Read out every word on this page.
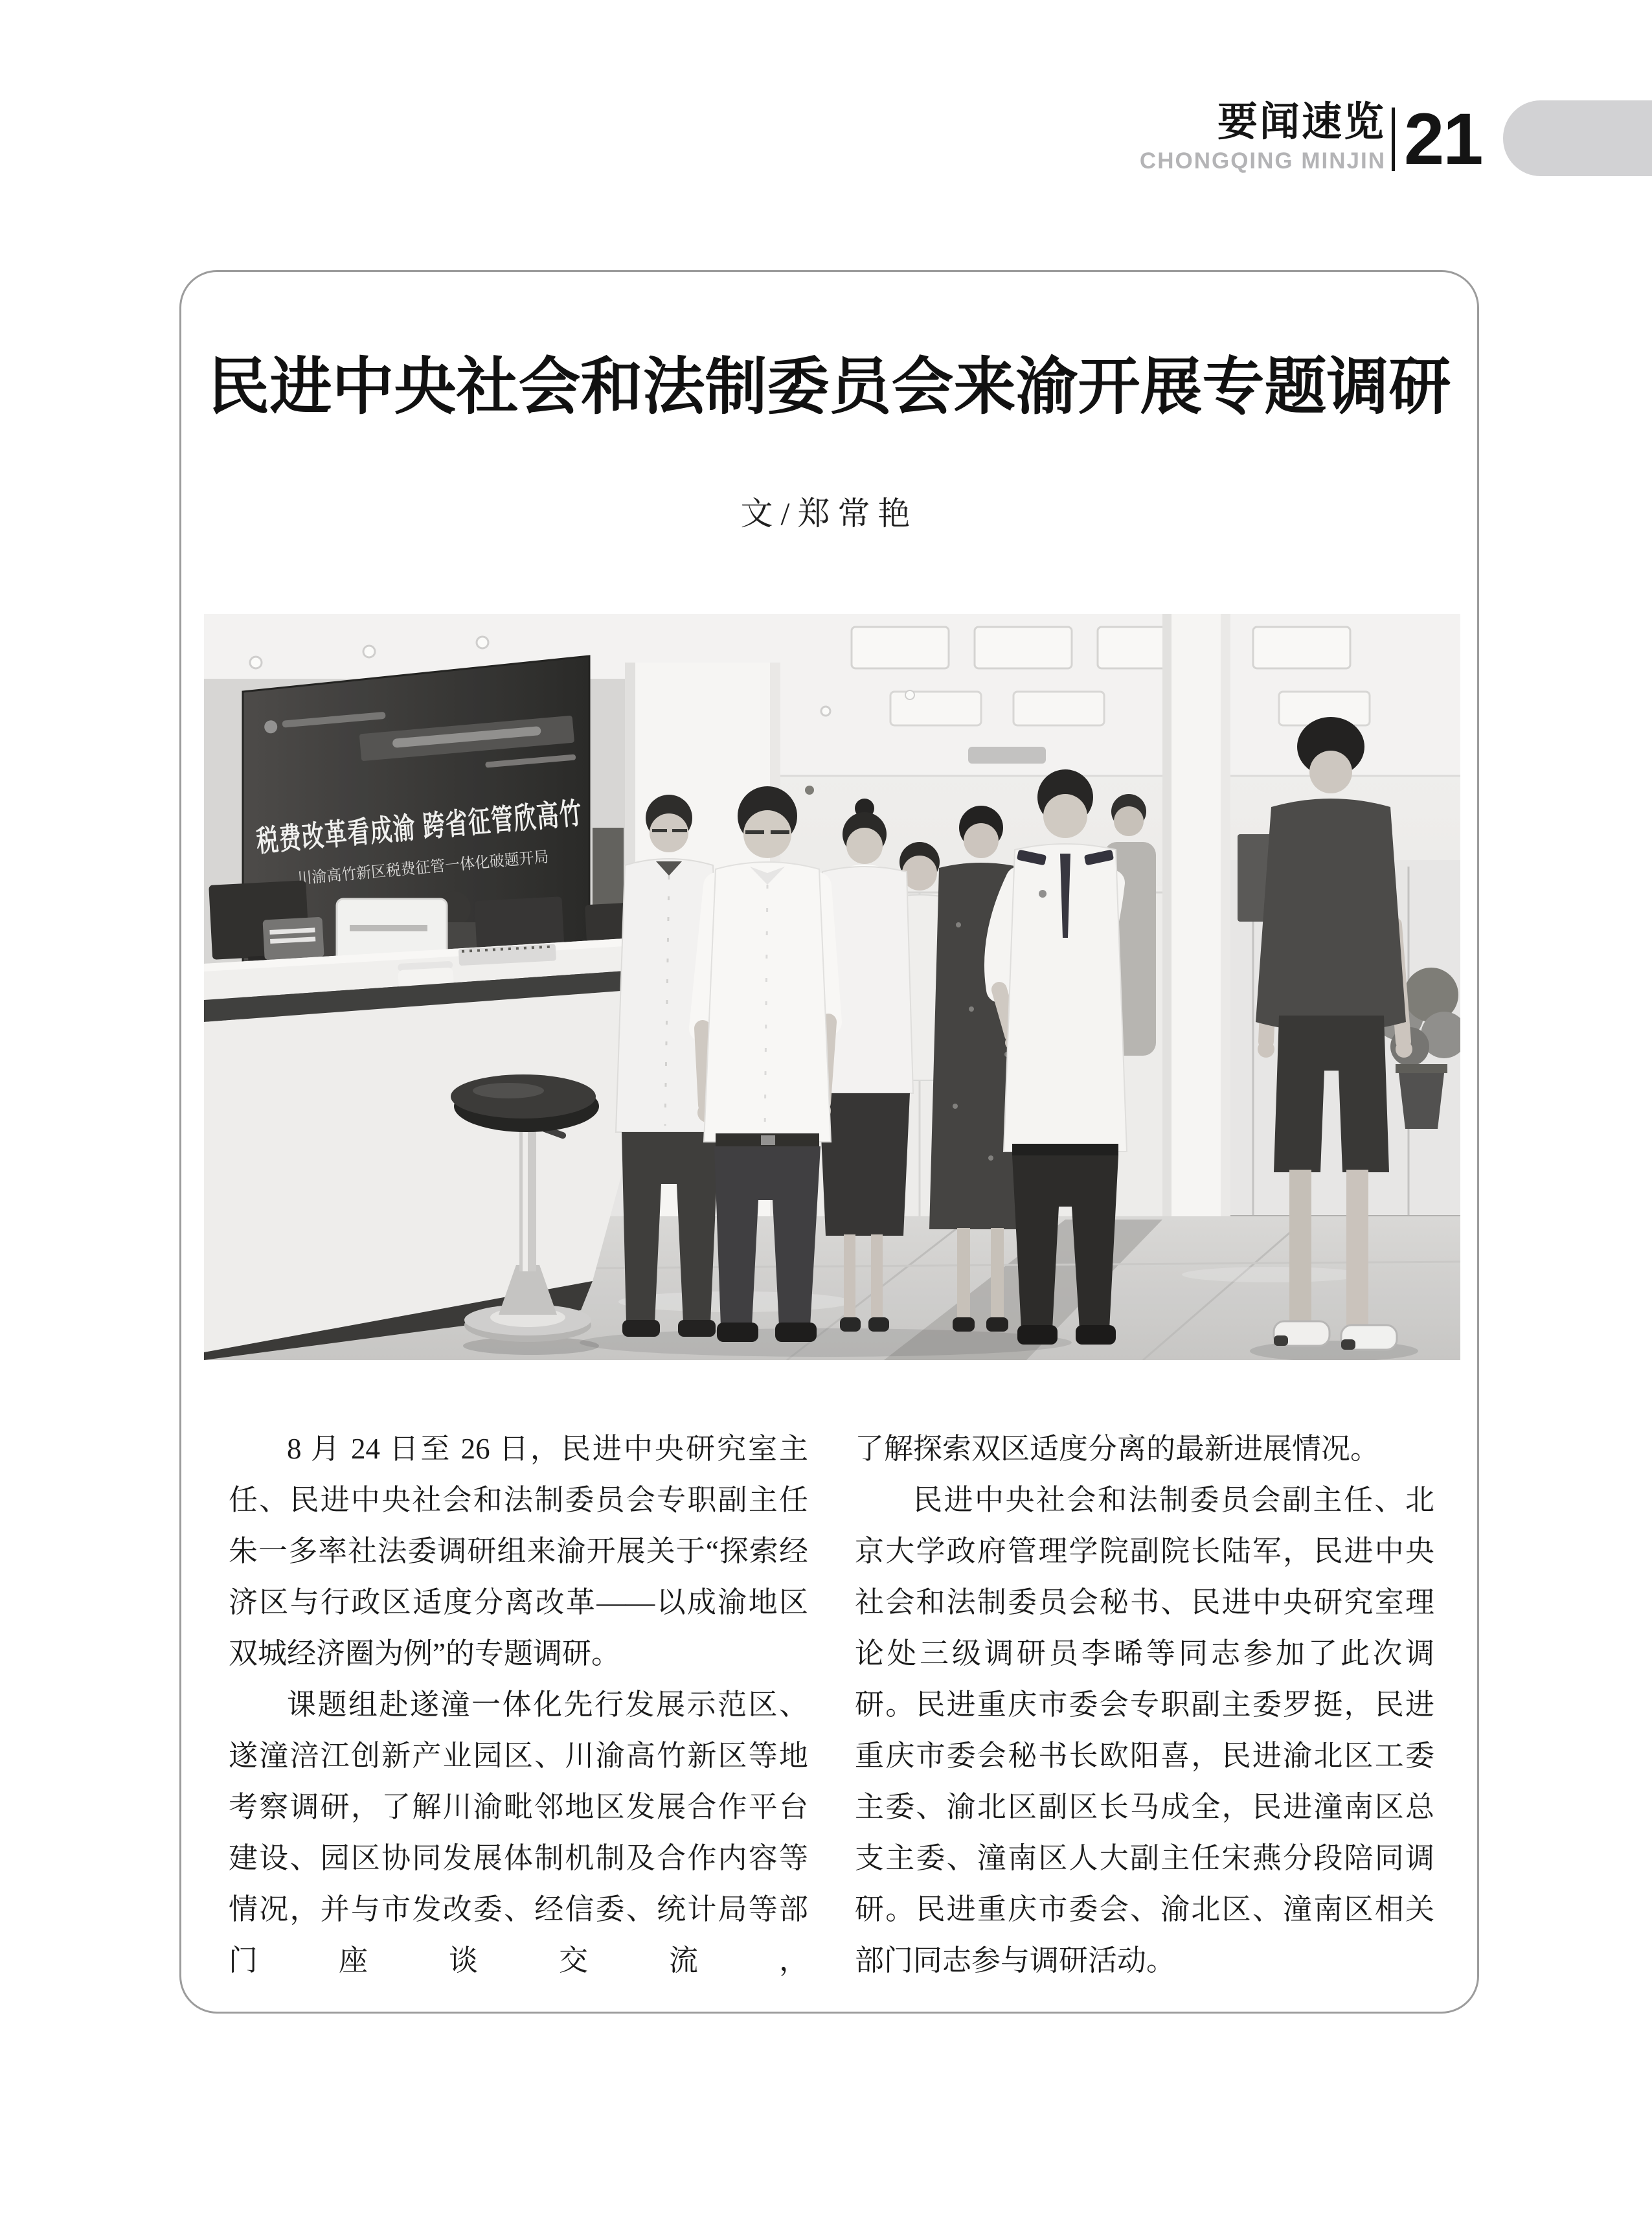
要闻速览
CHONGQING MINJIN 21
民进中央社会和法制委员会来渝开展专题调研
文/郑常艳
税费改革看成渝 跨省征管欣高竹
川渝高竹新区税费征管一体化破题开局

8 月 24 日至 26 日，民进中央研究室主任、民进中央社会和法制委员会专职副主任朱一多率社法委调研组来渝开展关于“探索经济区与行政区适度分离改革——以成渝地区双城经济圈为例”的专题调研。

课题组赴遂潼一体化先行发展示范区、遂潼涪江创新产业园区、川渝高竹新区等地考察调研，了解川渝毗邻地区发展合作平台建设、园区协同发展体制机制及合作内容等情况，并与市发改委、经信委、统计局等部门座谈交流，

了解探索双区适度分离的最新进展情况。

民进中央社会和法制委员会副主任、北京大学政府管理学院副院长陆军，民进中央社会和法制委员会秘书、民进中央研究室理论处三级调研员李晞等同志参加了此次调研。民进重庆市委会专职副主委罗挺，民进重庆市委会秘书长欧阳喜，民进渝北区工委主委、渝北区副区长马成全，民进潼南区总支主委、潼南区人大副主任宋燕分段陪同调研。民进重庆市委会、渝北区、潼南区相关部门同志参与调研活动。
